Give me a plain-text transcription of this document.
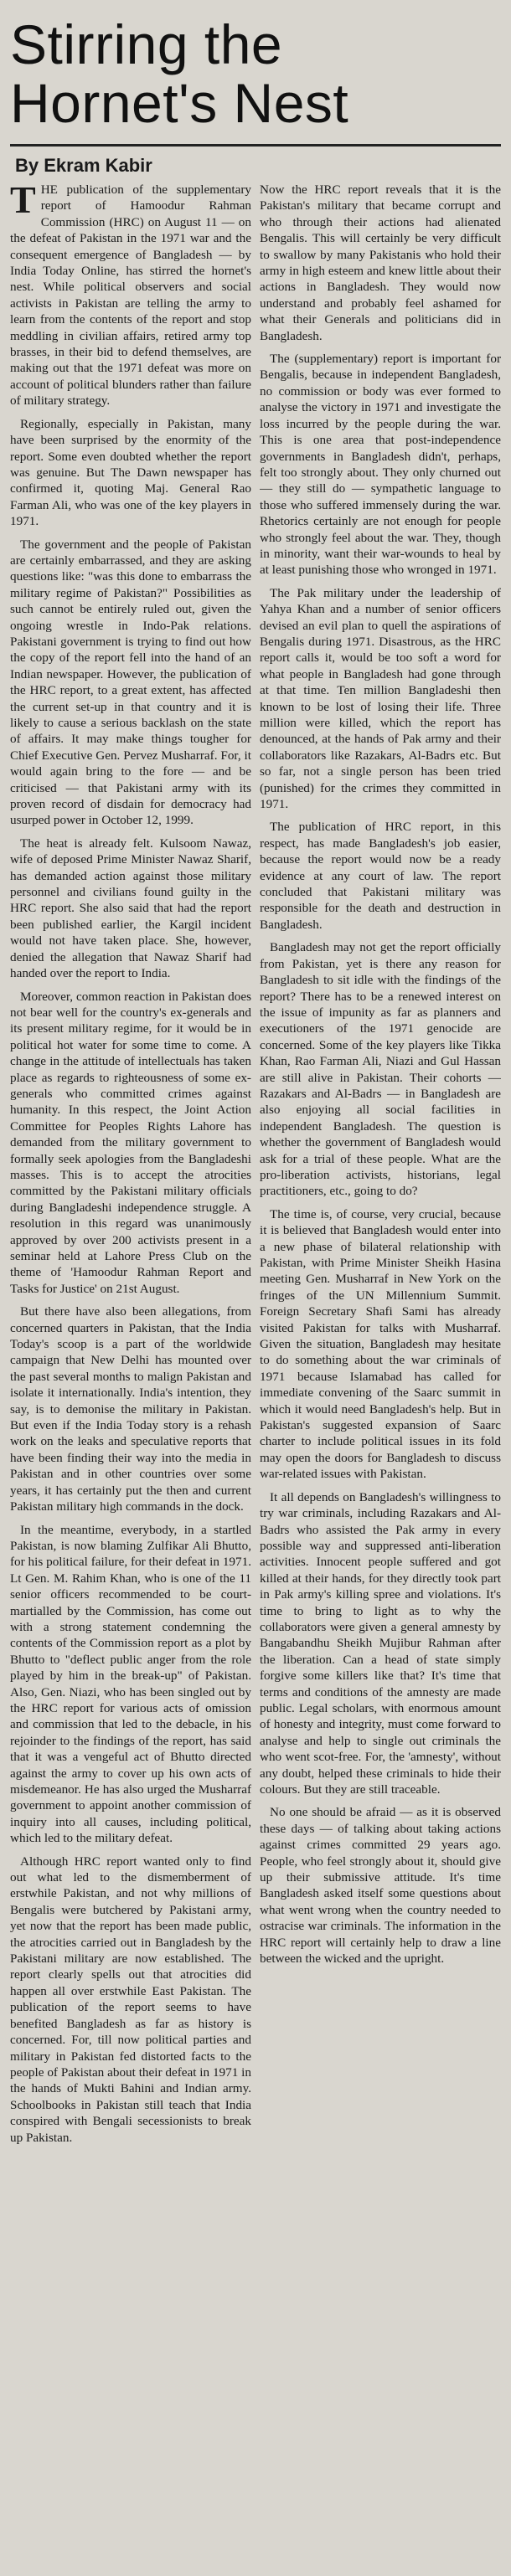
Stirring the Hornet's Nest
By Ekram Kabir

THE publication of the supplementary report of Hamoodur Rahman Commission (HRC) on August 11 — on the defeat of Pakistan in the 1971 war and the consequent emergence of Bangladesh — by India Today Online, has stirred the hornet's nest. While political observers and social activists in Pakistan are telling the army to learn from the contents of the report and stop meddling in civilian affairs, retired army top brasses, in their bid to defend themselves, are making out that the 1971 defeat was more on account of political blunders rather than failure of military strategy.

Regionally, especially in Pakistan, many have been surprised by the enormity of the report. Some even doubted whether the report was genuine. But The Dawn newspaper has confirmed it, quoting Maj. General Rao Farman Ali, who was one of the key players in 1971.

The government and the people of Pakistan are certainly embarrassed, and they are asking questions like: "was this done to embarrass the military regime of Pakistan?" Possibilities as such cannot be entirely ruled out, given the ongoing wrestle in Indo-Pak relations. Pakistani government is trying to find out how the copy of the report fell into the hand of an Indian newspaper. However, the publication of the HRC report, to a great extent, has affected the current set-up in that country and it is likely to cause a serious backlash on the state of affairs. It may make things tougher for Chief Executive Gen. Pervez Musharraf. For, it would again bring to the fore — and be criticised — that Pakistani army with its proven record of disdain for democracy had usurped power in October 12, 1999.

The heat is already felt. Kulsoom Nawaz, wife of deposed Prime Minister Nawaz Sharif, has demanded action against those military personnel and civilians found guilty in the HRC report. She also said that had the report been published earlier, the Kargil incident would not have taken place. She, however, denied the allegation that Nawaz Sharif had handed over the report to India.

Moreover, common reaction in Pakistan does not bear well for the country's ex-generals and its present military regime, for it would be in political hot water for some time to come. A change in the attitude of intellectuals has taken place as regards to righteousness of some ex-generals who committed crimes against humanity. In this respect, the Joint Action Committee for Peoples Rights Lahore has demanded from the military government to formally seek apologies from the Bangladeshi masses. This is to accept the atrocities committed by the Pakistani military officials during Bangladeshi independence struggle. A resolution in this regard was unanimously approved by over 200 activists present in a seminar held at Lahore Press Club on the theme of 'Hamoodur Rahman Report and Tasks for Justice' on 21st August.

But there have also been allegations, from concerned quarters in Pakistan, that the India Today's scoop is a part of the worldwide campaign that New Delhi has mounted over the past several months to malign Pakistan and isolate it internationally. India's intention, they say, is to demonise the military in Pakistan. But even if the India Today story is a rehash work on the leaks and speculative reports that have been finding their way into the media in Pakistan and in other countries over some years, it has certainly put the then and current Pakistan military high commands in the dock.

In the meantime, everybody, in a startled Pakistan, is now blaming Zulfikar Ali Bhutto, for his political failure, for their defeat in 1971. Lt Gen. M. Rahim Khan, who is one of the 11 senior officers recommended to be court-martialled by the Commission, has come out with a strong statement condemning the contents of the Commission report as a plot by Bhutto to "deflect public anger from the role played by him in the break-up" of Pakistan. Also, Gen. Niazi, who has been singled out by the HRC report for various acts of omission and commission that led to the debacle, in his rejoinder to the findings of the report, has said that it was a vengeful act of Bhutto directed against the army to cover up his own acts of misdemeanor. He has also urged the Musharraf government to appoint another commission of inquiry into all causes, including political, which led to the military defeat.

Although HRC report wanted only to find out what led to the dismemberment of erstwhile Pakistan, and not why millions of Bengalis were butchered by Pakistani army, yet now that the report has been made public, the atrocities carried out in Bangladesh by the Pakistani military are now established. The report clearly spells out that atrocities did happen all over erstwhile East Pakistan. The publication of the report seems to have benefited Bangladesh as far as history is concerned. For, till now political parties and military in Pakistan fed distorted facts to the people of Pakistan about their defeat in 1971 in the hands of Mukti Bahini and Indian army. Schoolbooks in Pakistan still teach that India conspired with Bengali secessionists to break up Pakistan.

Now the HRC report reveals that it is the Pakistan's military that became corrupt and who through their actions had alienated Bengalis. This will certainly be very difficult to swallow by many Pakistanis who hold their army in high esteem and knew little about their actions in Bangladesh. They would now understand and probably feel ashamed for what their Generals and politicians did in Bangladesh.

The (supplementary) report is important for Bengalis, because in independent Bangladesh, no commission or body was ever formed to analyse the victory in 1971 and investigate the loss incurred by the people during the war. This is one area that post-independence governments in Bangladesh didn't, perhaps, felt too strongly about. They only churned out — they still do — sympathetic language to those who suffered immensely during the war. Rhetorics certainly are not enough for people who strongly feel about the war. They, though in minority, want their war-wounds to heal by at least punishing those who wronged in 1971.

The Pak military under the leadership of Yahya Khan and a number of senior officers devised an evil plan to quell the aspirations of Bengalis during 1971. Disastrous, as the HRC report calls it, would be too soft a word for what people in Bangladesh had gone through at that time. Ten million Bangladeshi then known to be lost of losing their life. Three million were killed, which the report has denounced, at the hands of Pak army and their collaborators like Razakars, Al-Badrs etc. But so far, not a single person has been tried (punished) for the crimes they committed in 1971.

The publication of HRC report, in this respect, has made Bangladesh's job easier, because the report would now be a ready evidence at any court of law. The report concluded that Pakistani military was responsible for the death and destruction in Bangladesh.

Bangladesh may not get the report officially from Pakistan, yet is there any reason for Bangladesh to sit idle with the findings of the report? There has to be a renewed interest on the issue of impunity as far as planners and executioners of the 1971 genocide are concerned. Some of the key players like Tikka Khan, Rao Farman Ali, Niazi and Gul Hassan are still alive in Pakistan. Their cohorts — Razakars and Al-Badrs — in Bangladesh are also enjoying all social facilities in independent Bangladesh. The question is whether the government of Bangladesh would ask for a trial of these people. What are the pro-liberation activists, historians, legal practitioners, etc., going to do?

The time is, of course, very crucial, because it is believed that Bangladesh would enter into a new phase of bilateral relationship with Pakistan, with Prime Minister Sheikh Hasina meeting Gen. Musharraf in New York on the fringes of the UN Millennium Summit. Foreign Secretary Shafi Sami has already visited Pakistan for talks with Musharraf. Given the situation, Bangladesh may hesitate to do something about the war criminals of 1971 because Islamabad has called for immediate convening of the Saarc summit in which it would need Bangladesh's help. But in Pakistan's suggested expansion of Saarc charter to include political issues in its fold may open the doors for Bangladesh to discuss war-related issues with Pakistan.

It all depends on Bangladesh's willingness to try war criminals, including Razakars and Al-Badrs who assisted the Pak army in every possible way and suppressed anti-liberation activities. Innocent people suffered and got killed at their hands, for they directly took part in Pak army's killing spree and violations. It's time to bring to light as to why the collaborators were given a general amnesty by Bangabandhu Sheikh Mujibur Rahman after the liberation. Can a head of state simply forgive some killers like that? It's time that terms and conditions of the amnesty are made public. Legal scholars, with enormous amount of honesty and integrity, must come forward to analyse and help to single out criminals the who went scot-free. For, the 'amnesty', without any doubt, helped these criminals to hide their colours. But they are still traceable.

No one should be afraid — as it is observed these days — of talking about taking actions against crimes committed 29 years ago. People, who feel strongly about it, should give up their submissive attitude. It's time Bangladesh asked itself some questions about what went wrong when the country needed to ostracise war criminals. The information in the HRC report will certainly help to draw a line between the wicked and the upright.
